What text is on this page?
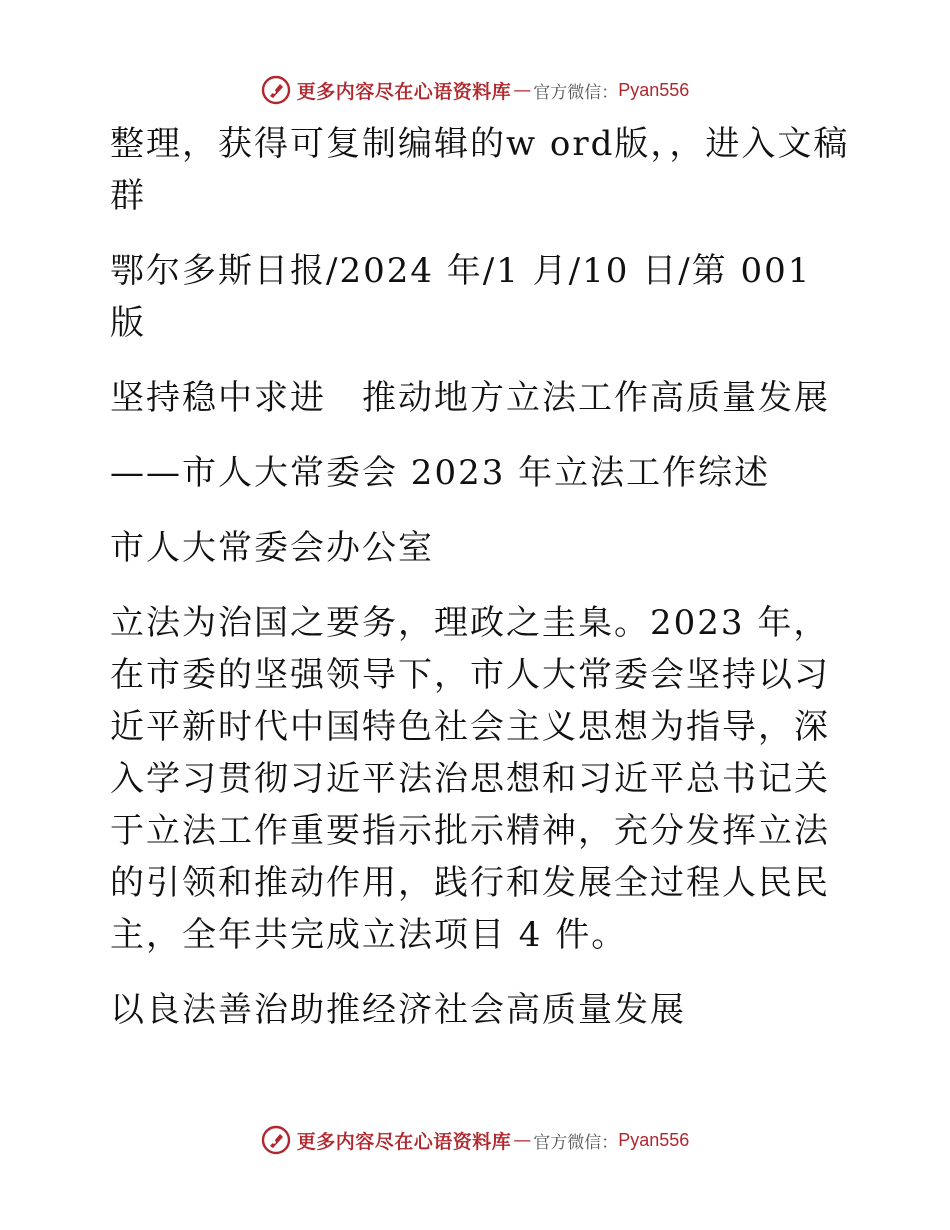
更多内容尽在心语资料库 — 官方微信： Pyan556

整理，获得可复制编辑的w ord版，，进入文稿群

鄂尔多斯日报/2024 年/1 月/10 日/第 001 版

坚持稳中求进　推动地方立法工作高质量发展

——市人大常委会 2023 年立法工作综述

市人大常委会办公室

立法为治国之要务，理政之圭臬。2023 年，在市委的坚强领导下，市人大常委会坚持以习近平新时代中国特色社会主义思想为指导，深入学习贯彻习近平法治思想和习近平总书记关于立法工作重要指示批示精神，充分发挥立法的引领和推动作用，践行和发展全过程人民民主，全年共完成立法项目 4 件。

以良法善治助推经济社会高质量发展

更多内容尽在心语资料库 — 官方微信： Pyan556
